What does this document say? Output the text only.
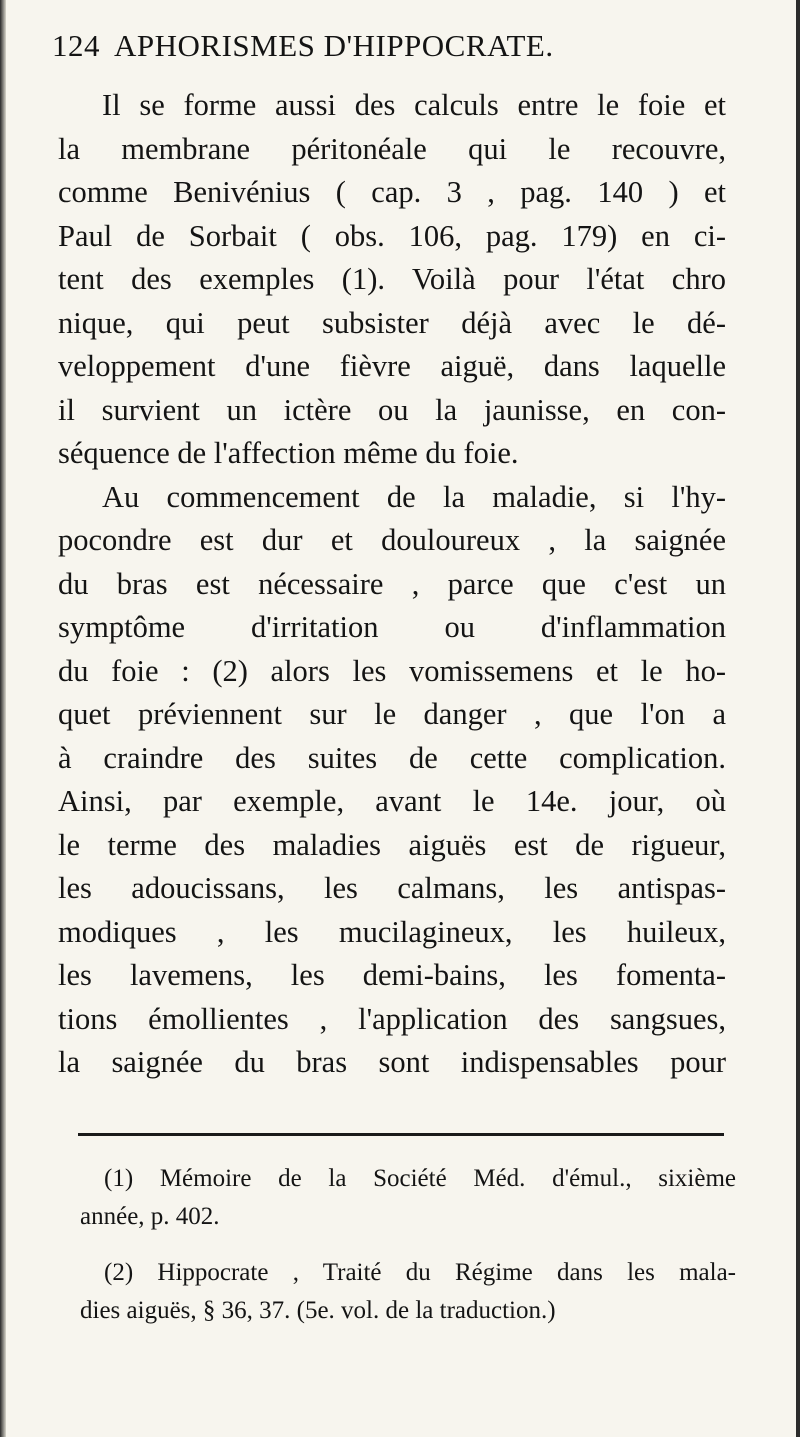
124 APHORISMES D'HIPPOCRATE.
Il se forme aussi des calculs entre le foie et
la membrane péritonéale qui le recouvre,
comme Benivénius ( cap. 3 , pag. 140 ) et
Paul de Sorbait ( obs. 106, pag. 179) en ci-
tent des exemples (1). Voilà pour l'état chro
nique, qui peut subsister déjà avec le dé-
veloppement d'une fièvre aiguë, dans laquelle
il survient un ictère ou la jaunisse, en con-
séquence de l'affection même du foie.
Au commencement de la maladie, si l'hy-
pocondre est dur et douloureux , la saignée
du bras est nécessaire , parce que c'est un
symptôme d'irritation ou d'inflammation
du foie : (2) alors les vomissemens et le ho-
quet préviennent sur le danger , que l'on a
à craindre des suites de cette complication.
Ainsi, par exemple, avant le 14e. jour, où
le terme des maladies aiguës est de rigueur,
les adoucissans, les calmans, les antispas-
modiques , les mucilagineux, les huileux,
les lavemens, les demi-bains, les fomenta-
tions émollientes , l'application des sangsues,
la saignée du bras sont indispensables pour
(1) Mémoire de la Société Méd. d'émul., sixième
année, p. 402.
(2) Hippocrate , Traité du Régime dans les mala-
dies aiguës, § 36, 37. (5e. vol. de la traduction.)
